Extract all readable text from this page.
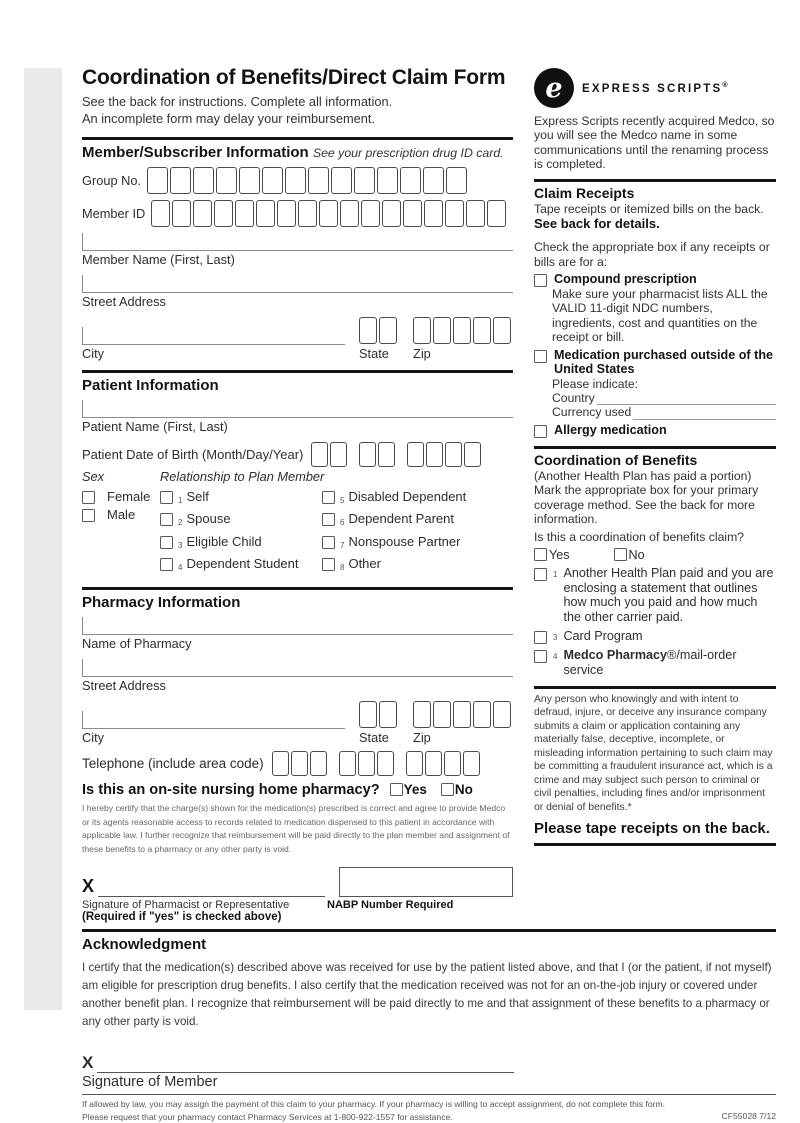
Coordination of Benefits/Direct Claim Form
See the back for instructions. Complete all information.
An incomplete form may delay your reimbursement.
Member/Subscriber Information See your prescription drug ID card.
Group No.
Member ID
Member Name (First, Last)
Street Address
City	State	Zip
Patient Information
Patient Name (First, Last)
Patient Date of Birth (Month/Day/Year)
Sex	Relationship to Plan Member
Female
Male
1 Self
2 Spouse
3 Eligible Child
4 Dependent Student
5 Disabled Dependent
6 Dependent Parent
7 Nonspouse Partner
8 Other
Pharmacy Information
Name of Pharmacy
Street Address
City	State	Zip
Telephone (include area code)
Is this an on-site nursing home pharmacy? Yes No
I hereby certify that the charge(s) shown for the medication(s) prescribed is correct and agree to provide Medco or its agents reasonable access to records related to medication dispensed to this patient in accordance with applicable law. I further recognize that reimbursement will be paid directly to the plan member and assignment of these benefits to a pharmacy or any other party is void.
X
Signature of Pharmacist or Representative
(Required if "yes" is checked above)
NABP Number Required
e	EXPRESS SCRIPTS®
Express Scripts recently acquired Medco, so you will see the Medco name in some communications until the renaming process is completed.
Claim Receipts
Tape receipts or itemized bills on the back.
See back for details.
Check the appropriate box if any receipts or bills are for a:
Compound prescription
Make sure your pharmacist lists ALL the VALID 11-digit NDC numbers, ingredients, cost and quantities on the receipt or bill.
Medication purchased outside of the United States
Please indicate:
Country
Currency used
Allergy medication
Coordination of Benefits
(Another Health Plan has paid a portion) Mark the appropriate box for your primary coverage method. See the back for more information.
Is this a coordination of benefits claim?
Yes	No
1 Another Health Plan paid and you are enclosing a statement that outlines how much you paid and how much the other carrier paid.
3 Card Program
4 Medco Pharmacy®/mail-order service
Any person who knowingly and with intent to defraud, injure, or deceive any insurance company submits a claim or application containing any materially false, deceptive, incomplete, or misleading information pertaining to such claim may be committing a fraudulent insurance act, which is a crime and may subject such person to criminal or civil penalties, including fines and/or imprisonment or denial of benefits.*
Please tape receipts on the back.
Acknowledgment
I certify that the medication(s) described above was received for use by the patient listed above, and that I (or the patient, if not myself) am eligible for prescription drug benefits. I also certify that the medication received was not for an on-the-job injury or covered under another benefit plan. I recognize that reimbursement will be paid directly to me and that assignment of these benefits to a pharmacy or any other party is void.
X
Signature of Member
If allowed by law, you may assign the payment of this claim to your pharmacy. If your pharmacy is willing to accept assignment, do not complete this form.
Please request that your pharmacy contact Pharmacy Services at 1-800-922-1557 for assistance.	CF55028 7/12
